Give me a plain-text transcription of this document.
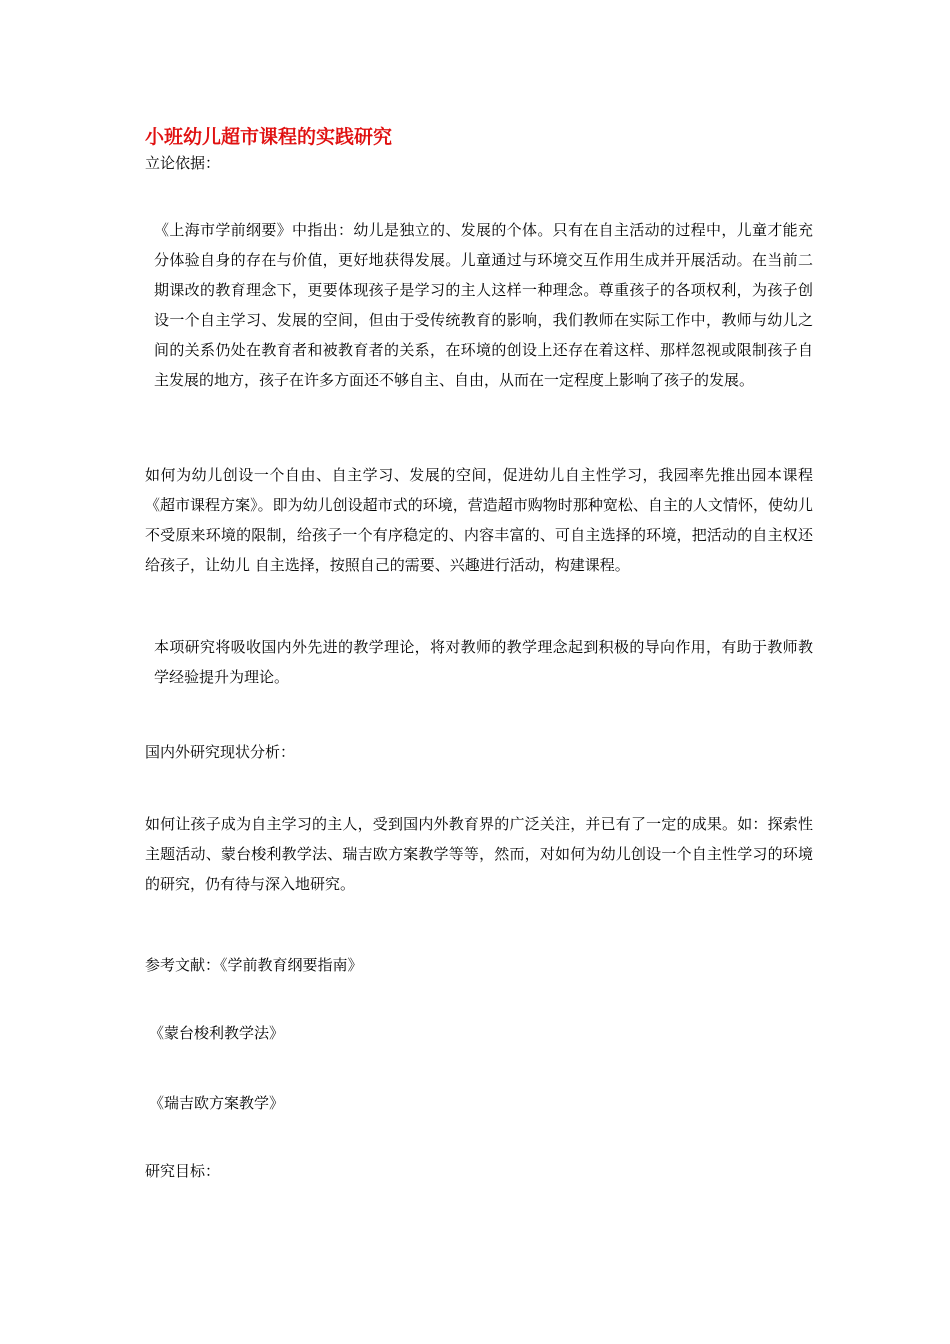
小班幼儿超市课程的实践研究

立论依据：

《上海市学前纲要》中指出：幼儿是独立的、发展的个体。只有在自主活动的过程中，儿童才能充分体验自身的存在与价值，更好地获得发展。儿童通过与环境交互作用生成并开展活动。在当前二期课改的教育理念下，更要体现孩子是学习的主人这样一种理念。尊重孩子的各项权利，为孩子创设一个自主学习、发展的空间，但由于受传统教育的影响，我们教师在实际工作中，教师与幼儿之间的关系仍处在教育者和被教育者的关系，在环境的创设上还存在着这样、那样忽视或限制孩子自主发展的地方，孩子在许多方面还不够自主、自由，从而在一定程度上影响了孩子的发展。

如何为幼儿创设一个自由、自主学习、发展的空间，促进幼儿自主性学习，我园率先推出园本课程《超市课程方案》。即为幼儿创设超市式的环境，营造超市购物时那种宽松、自主的人文情怀，使幼儿不受原来环境的限制，给孩子一个有序稳定的、内容丰富的、可自主选择的环境，把活动的自主权还给孩子，让幼儿 自主选择，按照自己的需要、兴趣进行活动，构建课程。

本项研究将吸收国内外先进的教学理论，将对教师的教学理念起到积极的导向作用，有助于教师教学经验提升为理论。

国内外研究现状分析：

如何让孩子成为自主学习的主人，受到国内外教育界的广泛关注，并已有了一定的成果。如：探索性主题活动、蒙台梭利教学法、瑞吉欧方案教学等等，然而，对如何为幼儿创设一个自主性学习的环境的研究，仍有待与深入地研究。

参考文献：《学前教育纲要指南》

《蒙台梭利教学法》

《瑞吉欧方案教学》

研究目标：
